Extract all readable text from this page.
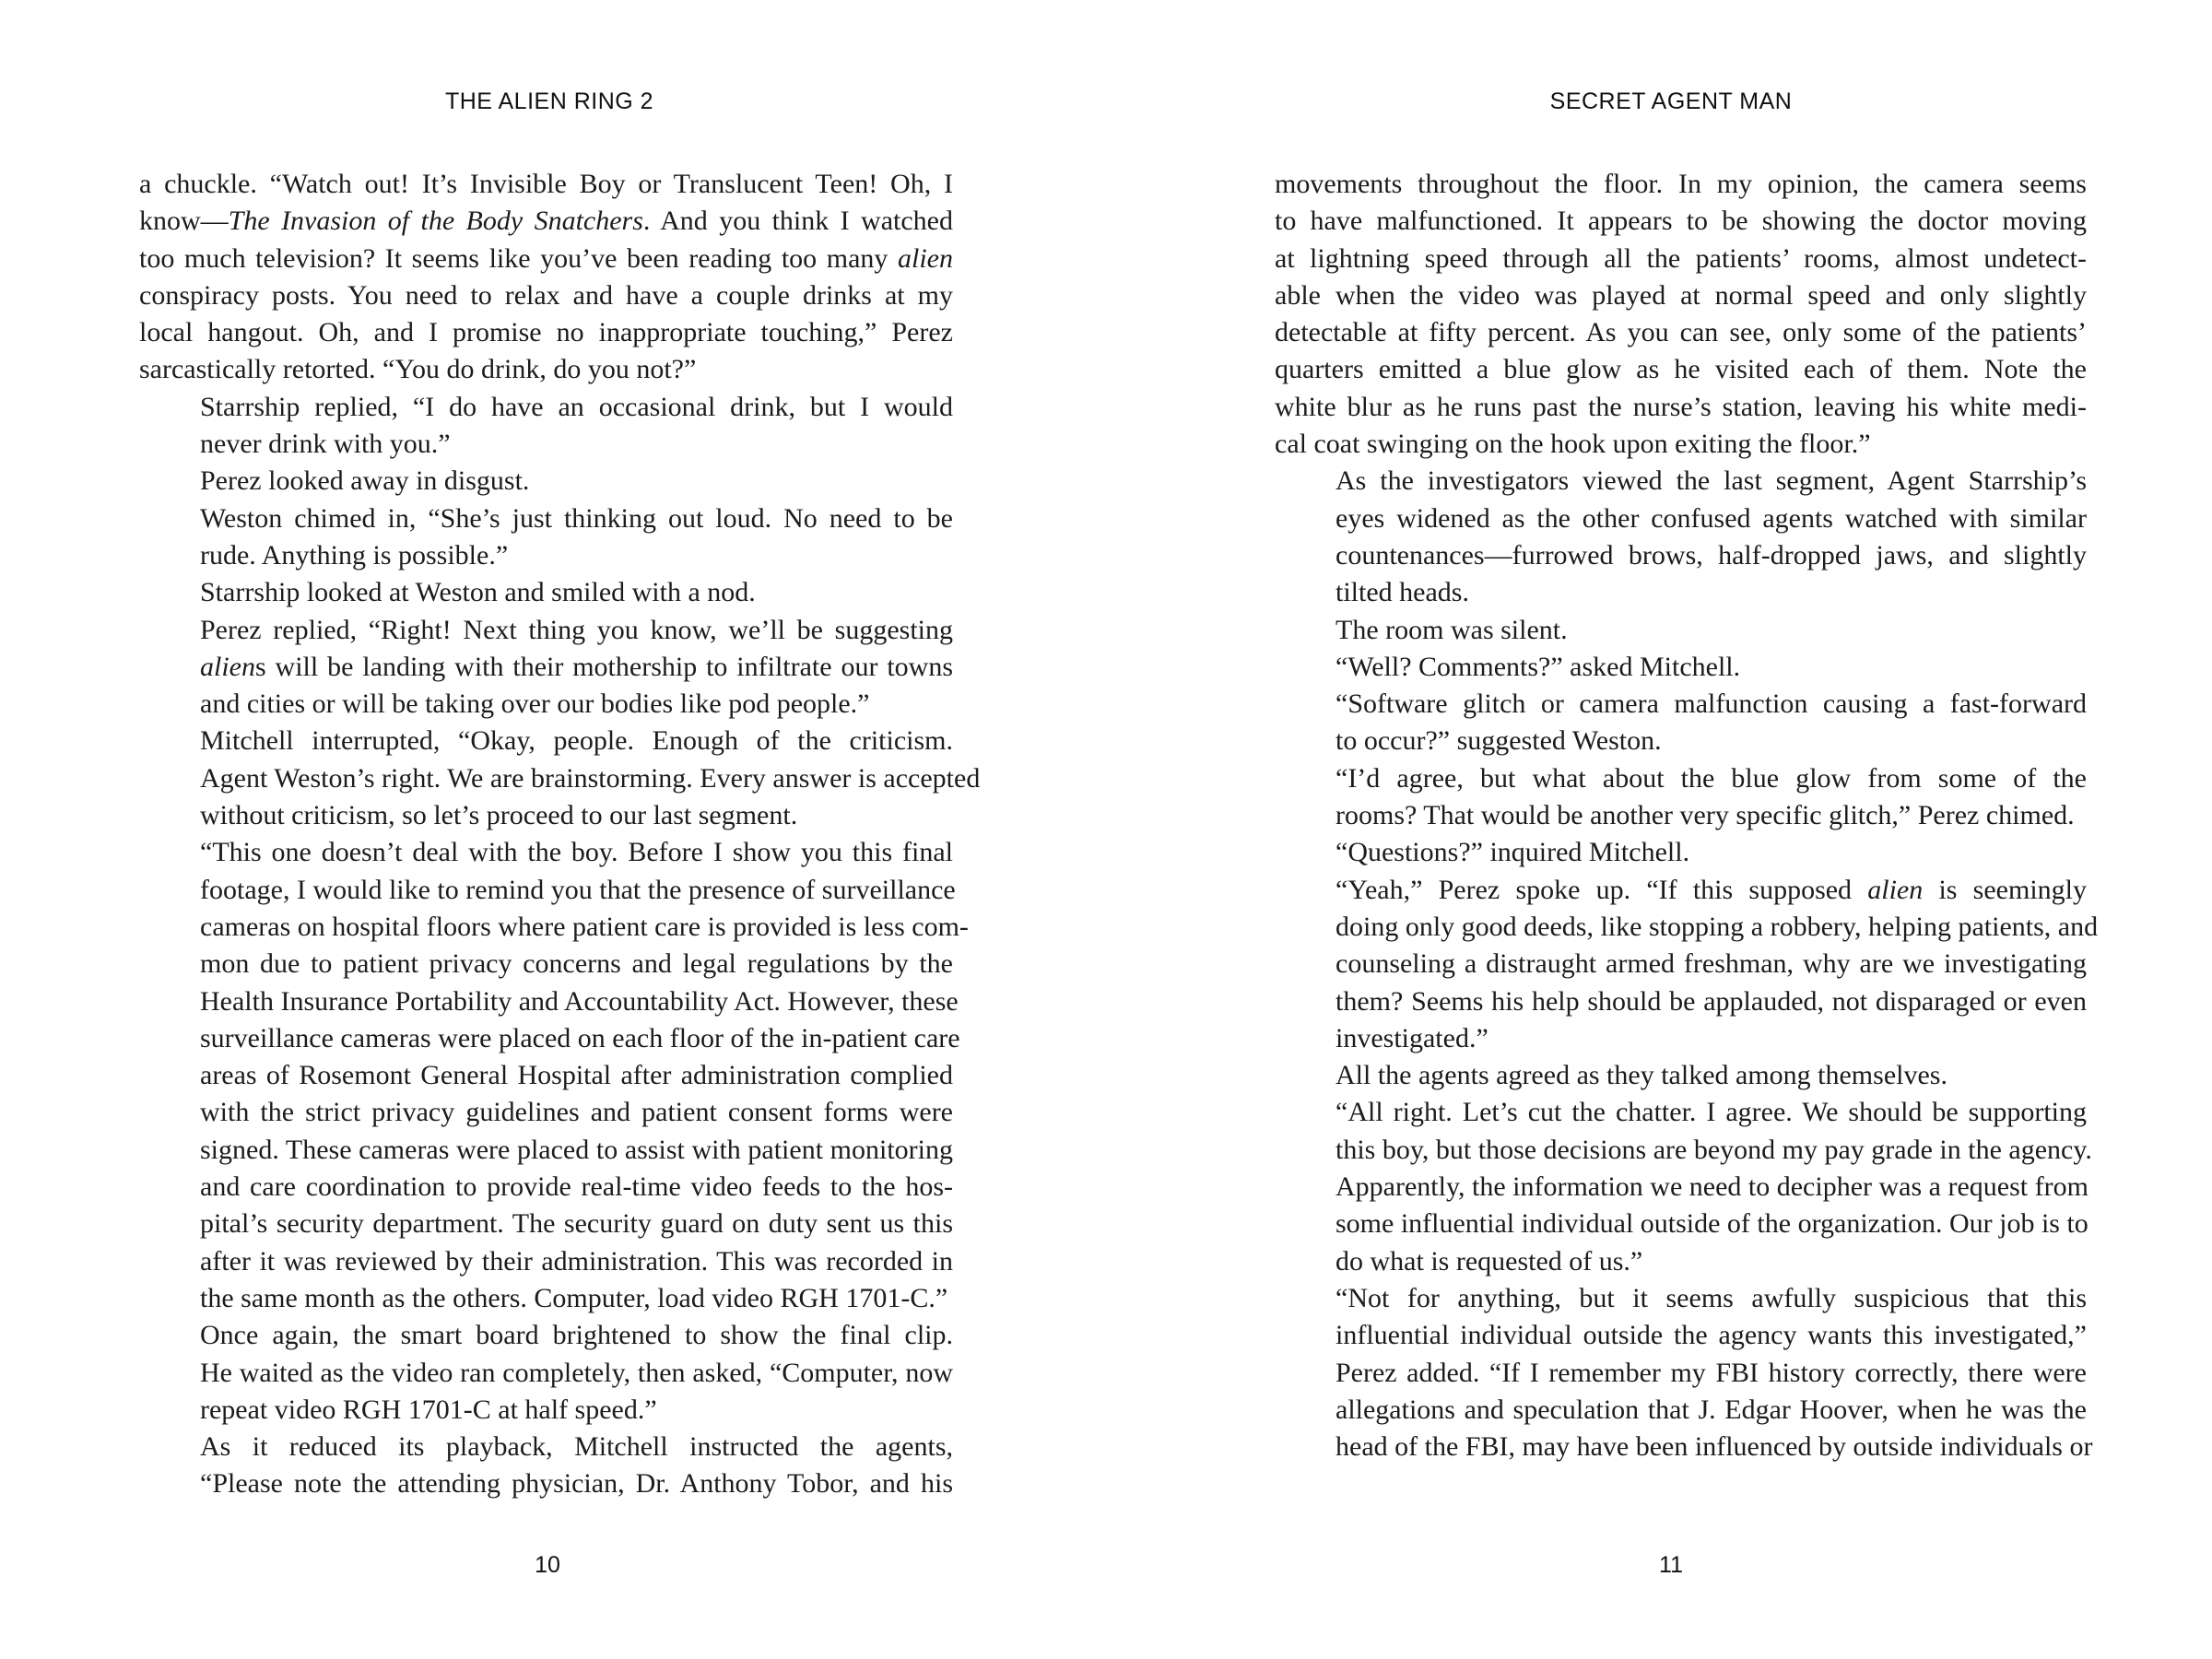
THE ALIEN RING 2
a chuckle. “Watch out! It’s Invisible Boy or Translucent Teen! Oh, I
know—The Invasion of the Body Snatchers. And you think I watched
too much television? It seems like you’ve been reading too many alien
conspiracy posts. You need to relax and have a couple drinks at my
local hangout. Oh, and I promise no inappropriate touching,” Perez
sarcastically retorted. “You do drink, do you not?”
Starrship replied, “I do have an occasional drink, but I would
never drink with you.”
Perez looked away in disgust.
Weston chimed in, “She’s just thinking out loud. No need to be
rude. Anything is possible.”
Starrship looked at Weston and smiled with a nod.
Perez replied, “Right! Next thing you know, we’ll be suggesting
aliens will be landing with their mothership to infiltrate our towns
and cities or will be taking over our bodies like pod people.”
Mitchell interrupted, “Okay, people. Enough of the criticism.
Agent Weston’s right. We are brainstorming. Every answer is accepted
without criticism, so let’s proceed to our last segment.
“This one doesn’t deal with the boy. Before I show you this final
footage, I would like to remind you that the presence of surveillance
cameras on hospital floors where patient care is provided is less com-
mon due to patient privacy concerns and legal regulations by the
Health Insurance Portability and Accountability Act. However, these
surveillance cameras were placed on each floor of the in-patient care
areas of Rosemont General Hospital after administration complied
with the strict privacy guidelines and patient consent forms were
signed. These cameras were placed to assist with patient monitoring
and care coordination to provide real-time video feeds to the hos-
pital’s security department. The security guard on duty sent us this
after it was reviewed by their administration. This was recorded in
the same month as the others. Computer, load video RGH 1701-C.”
Once again, the smart board brightened to show the final clip.
He waited as the video ran completely, then asked, “Computer, now
repeat video RGH 1701-C at half speed.”
As it reduced its playback, Mitchell instructed the agents,
“Please note the attending physician, Dr. Anthony Tobor, and his
10
SECRET AGENT MAN
movements throughout the floor. In my opinion, the camera seems
to have malfunctioned. It appears to be showing the doctor moving
at lightning speed through all the patients’ rooms, almost undetect-
able when the video was played at normal speed and only slightly
detectable at fifty percent. As you can see, only some of the patients’
quarters emitted a blue glow as he visited each of them. Note the
white blur as he runs past the nurse’s station, leaving his white medi-
cal coat swinging on the hook upon exiting the floor.”
As the investigators viewed the last segment, Agent Starrship’s
eyes widened as the other confused agents watched with similar
countenances—furrowed brows, half-dropped jaws, and slightly
tilted heads.
The room was silent.
“Well? Comments?” asked Mitchell.
“Software glitch or camera malfunction causing a fast-forward
to occur?” suggested Weston.
“I’d agree, but what about the blue glow from some of the
rooms? That would be another very specific glitch,” Perez chimed.
“Questions?” inquired Mitchell.
“Yeah,” Perez spoke up. “If this supposed alien is seemingly
doing only good deeds, like stopping a robbery, helping patients, and
counseling a distraught armed freshman, why are we investigating
them? Seems his help should be applauded, not disparaged or even
investigated.”
All the agents agreed as they talked among themselves.
“All right. Let’s cut the chatter. I agree. We should be supporting
this boy, but those decisions are beyond my pay grade in the agency.
Apparently, the information we need to decipher was a request from
some influential individual outside of the organization. Our job is to
do what is requested of us.”
“Not for anything, but it seems awfully suspicious that this
influential individual outside the agency wants this investigated,”
Perez added. “If I remember my FBI history correctly, there were
allegations and speculation that J. Edgar Hoover, when he was the
head of the FBI, may have been influenced by outside individuals or
11
